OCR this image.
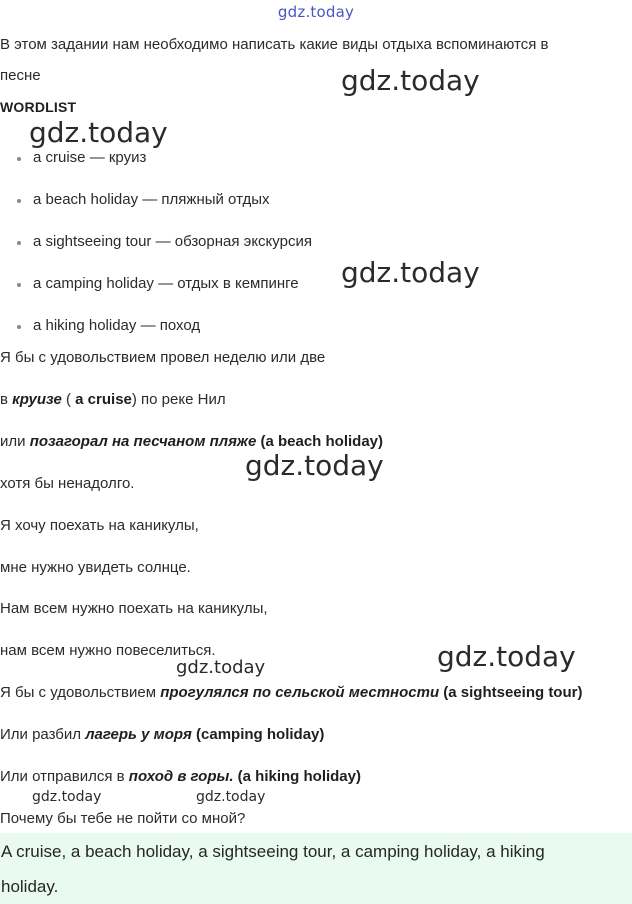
gdz.today
В этом задании нам необходимо написать какие виды отдыха вспоминаются в
песне
WORDLIST
a cruise — круиз
a beach holiday — пляжный отдых
a sightseeing tour — обзорная экскурсия
a camping holiday — отдых в кемпинге
a hiking holiday — поход
Я бы с удовольствием провел неделю или две
в круизе ( a cruise) по реке Нил
или позагорал на песчаном пляже (a beach holiday)
хотя бы ненадолго.
Я хочу поехать на каникулы,
мне нужно увидеть солнце.
Нам всем нужно поехать на каникулы,
нам всем нужно повеселиться.
Я бы с удовольствием прогулялся по сельской местности (a sightseeing tour)
Или разбил лагерь у моря (camping holiday)
Или отправился в поход в горы. (a hiking holiday)
Почему бы тебе не пойти со мной?
A cruise, a beach holiday, a sightseeing tour, a camping holiday, a hiking
holiday.
gdz.today
gdz.today
gdz.today
gdz.today
gdz.today
gdz.today
gdz.today	gdz.today
